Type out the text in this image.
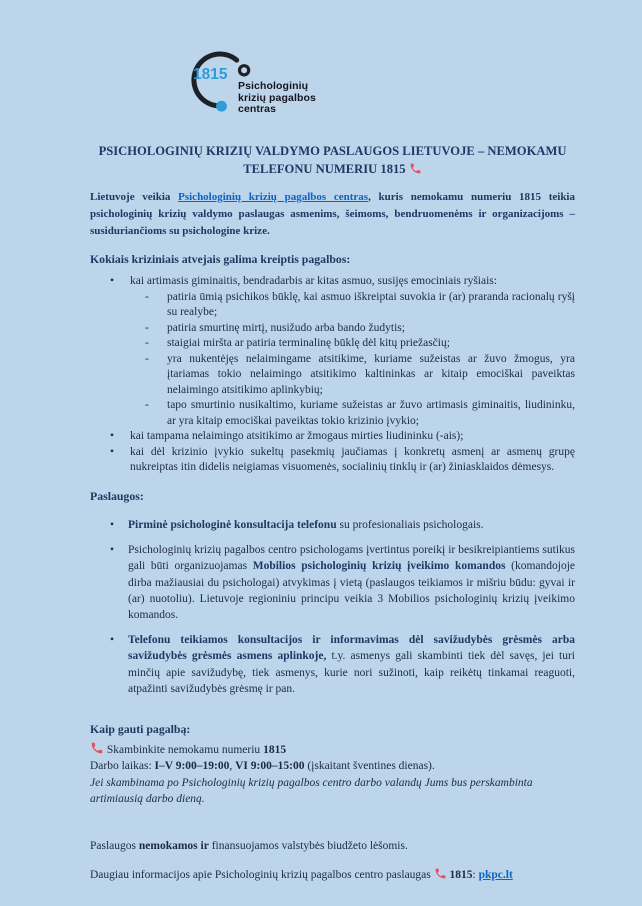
1815
Psichologinių
krizių pagalbos
centras
PSICHOLOGINIŲ KRIZIŲ VALDYMO PASLAUGOS LIETUVOJE – NEMOKAMU
TELEFONU NUMERIU 1815
Lietuvoje veikia Psichologinių krizių pagalbos centras, kuris nemokamu numeriu 1815 teikia psichologinių krizių valdymo paslaugas asmenims, šeimoms, bendruomenėms ir organizacijoms – susiduriančioms su psichologine krize.
Kokiais kriziniais atvejais galima kreiptis pagalbos:
• kai artimasis giminaitis, bendradarbis ar kitas asmuo, susijęs emociniais ryšiais:
- patiria ūmią psichikos būklę, kai asmuo iškreiptai suvokia ir (ar) praranda racionalų ryšį su realybe;
- patiria smurtinę mirtį, nusižudo arba bando žudytis;
- staigiai miršta ar patiria terminalinę būklę dėl kitų priežasčių;
- yra nukentėjęs nelaimingame atsitikime, kuriame sužeistas ar žuvo žmogus, yra įtariamas tokio nelaimingo atsitikimo kaltininkas ar kitaip emociškai paveiktas nelaimingo atsitikimo aplinkybių;
- tapo smurtinio nusikaltimo, kuriame sužeistas ar žuvo artimasis giminaitis, liudininku, ar yra kitaip emociškai paveiktas tokio krizinio įvykio;
• kai tampama nelaimingo atsitikimo ar žmogaus mirties liudininku (-ais);
• kai dėl krizinio įvykio sukeltų pasekmių jaučiamas į konkretų asmenį ar asmenų grupę nukreiptas itin didelis neigiamas visuomenės, socialinių tinklų ir (ar) žiniasklaidos dėmesys.
Paslaugos:
• Pirminė psichologinė konsultacija telefonu su profesionaliais psichologais.
• Psichologinių krizių pagalbos centro psichologams įvertintus poreikį ir besikreipiantiems sutikus gali būti organizuojamas Mobilios psichologinių krizių įveikimo komandos (komandojoje dirba mažiausiai du psichologai) atvykimas į vietą (paslaugos teikiamos ir mišriu būdu: gyvai ir (ar) nuotoliu). Lietuvoje regioniniu principu veikia 3 Mobilios psichologinių krizių įveikimo komandos.
• Telefonu teikiamos konsultacijos ir informavimas dėl savižudybės grėsmės arba savižudybės grėsmės asmens aplinkoje, t.y. asmenys gali skambinti tiek dėl savęs, jei turi minčių apie savižudybę, tiek asmenys, kurie nori sužinoti, kaip reikėtų tinkamai reaguoti, atpažinti savižudybės grėsmę ir pan.
Kaip gauti pagalbą:
Skambinkite nemokamu numeriu 1815
Darbo laikas: I–V 9:00–19:00, VI 9:00–15:00 (įskaitant šventines dienas).
Jei skambinama po Psichologinių krizių pagalbos centro darbo valandų Jums bus perskambinta artimiausią darbo dieną.
Paslaugos nemokamos ir finansuojamos valstybės biudžeto lėšomis.
Daugiau informacijos apie Psichologinių krizių pagalbos centro paslaugas  1815: pkpc.lt
